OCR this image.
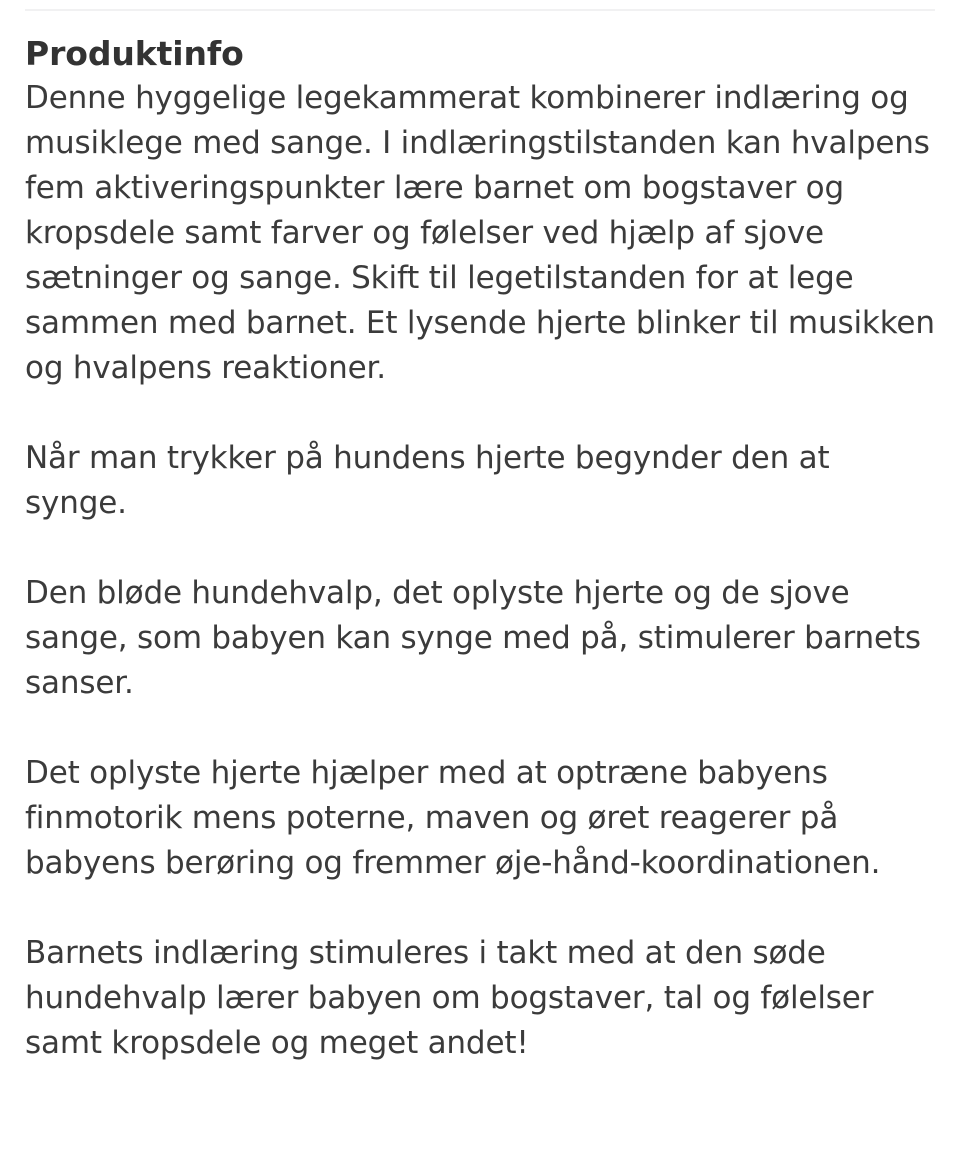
Produktinfo

Denne hyggelige legekammerat kombinerer indlæring og musiklege med sange. I indlæringstilstanden kan hvalpens fem aktiveringspunkter lære barnet om bogstaver og kropsdele samt farver og følelser ved hjælp af sjove sætninger og sange. Skift til legetilstanden for at lege sammen med barnet. Et lysende hjerte blinker til musikken og hvalpens reaktioner.

Når man trykker på hundens hjerte begynder den at synge.

Den bløde hundehvalp, det oplyste hjerte og de sjove sange, som babyen kan synge med på, stimulerer barnets sanser.

Det oplyste hjerte hjælper med at optræne babyens finmotorik mens poterne, maven og øret reagerer på babyens berøring og fremmer øje-hånd-koordinationen.

Barnets indlæring stimuleres i takt med at den søde hundehvalp lærer babyen om bogstaver, tal og følelser samt kropsdele og meget andet!
